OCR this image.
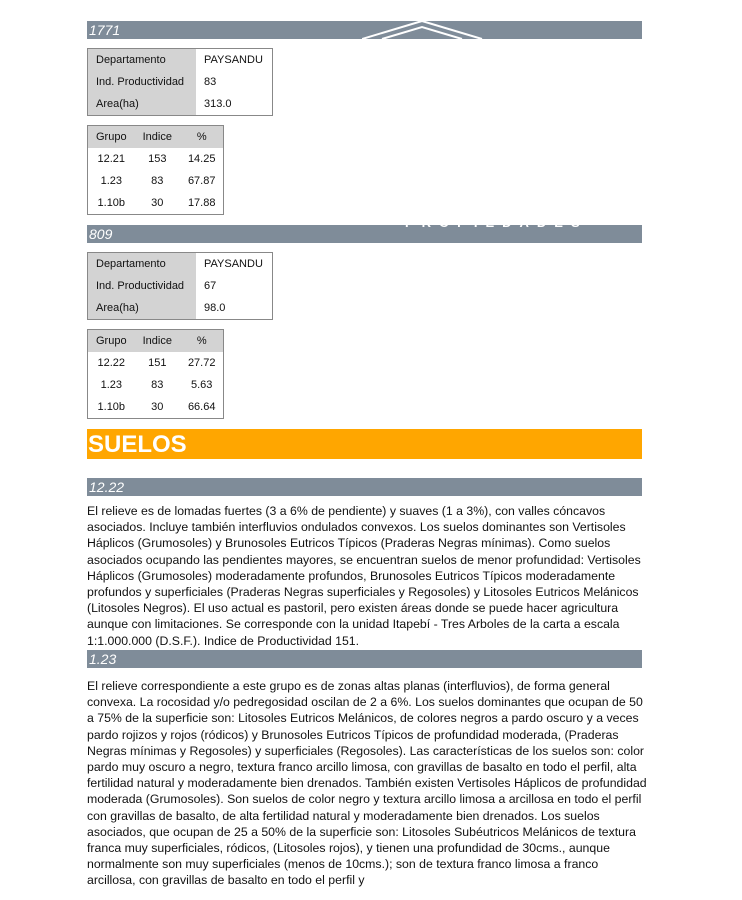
1771
Departamento	PAYSANDU
Ind. Productividad	83
Area(ha)	313.0
Grupo	Indice	%
12.21	153	14.25
1.23	83	67.87
1.10b	30	17.88
809
PROPIEDADES
Departamento	PAYSANDU
Ind. Productividad	67
Area(ha)	98.0
Grupo	Indice	%
12.22	151	27.72
1.23	83	5.63
1.10b	30	66.64
SUELOS
12.22

El relieve es de lomadas fuertes (3 a 6% de pendiente) y suaves (1 a 3%), con valles cóncavos asociados. Incluye también interfluvios ondulados convexos. Los suelos dominantes son Vertisoles Háplicos (Grumosoles) y Brunosoles Eutricos Típicos (Praderas Negras mínimas). Como suelos asociados ocupando las pendientes mayores, se encuentran suelos de menor profundidad: Vertisoles Háplicos (Grumosoles) moderadamente profundos, Brunosoles Eutricos Típicos moderadamente profundos y superficiales (Praderas Negras superficiales y Regosoles) y Litosoles Eutricos Melánicos (Litosoles Negros). El uso actual es pastoril, pero existen áreas donde se puede hacer agricultura aunque con limitaciones. Se corresponde con la unidad Itapebí - Tres Arboles de la carta a escala 1:1.000.000 (D.S.F.). Indice de Productividad 151.

1.23

El relieve correspondiente a este grupo es de zonas altas planas (interfluvios), de forma general convexa. La rocosidad y/o pedregosidad oscilan de 2 a 6%. Los suelos dominantes que ocupan de 50 a 75% de la superficie son: Litosoles Eutricos Melánicos, de colores negros a pardo oscuro y a veces pardo rojizos y rojos (ródicos) y Brunosoles Eutricos Típicos de profundidad moderada, (Praderas Negras mínimas y Regosoles) y superficiales (Regosoles). Las características de los suelos son: color pardo muy oscuro a negro, textura franco arcillo limosa, con gravillas de basalto en todo el perfil, alta fertilidad natural y moderadamente bien drenados. También existen Vertisoles Háplicos de profundidad moderada (Grumosoles). Son suelos de color negro y textura arcillo limosa a arcillosa en todo el perfil con gravillas de basalto, de alta fertilidad natural y moderadamente bien drenados. Los suelos asociados, que ocupan de 25 a 50% de la superficie son: Litosoles Subéutricos Melánicos de textura franca muy superficiales, ródicos, (Litosoles rojos), y tienen una profundidad de 30cms., aunque normalmente son muy superficiales (menos de 10cms.); son de textura franco limosa a franco arcillosa, con gravillas de basalto en todo el perfil y
